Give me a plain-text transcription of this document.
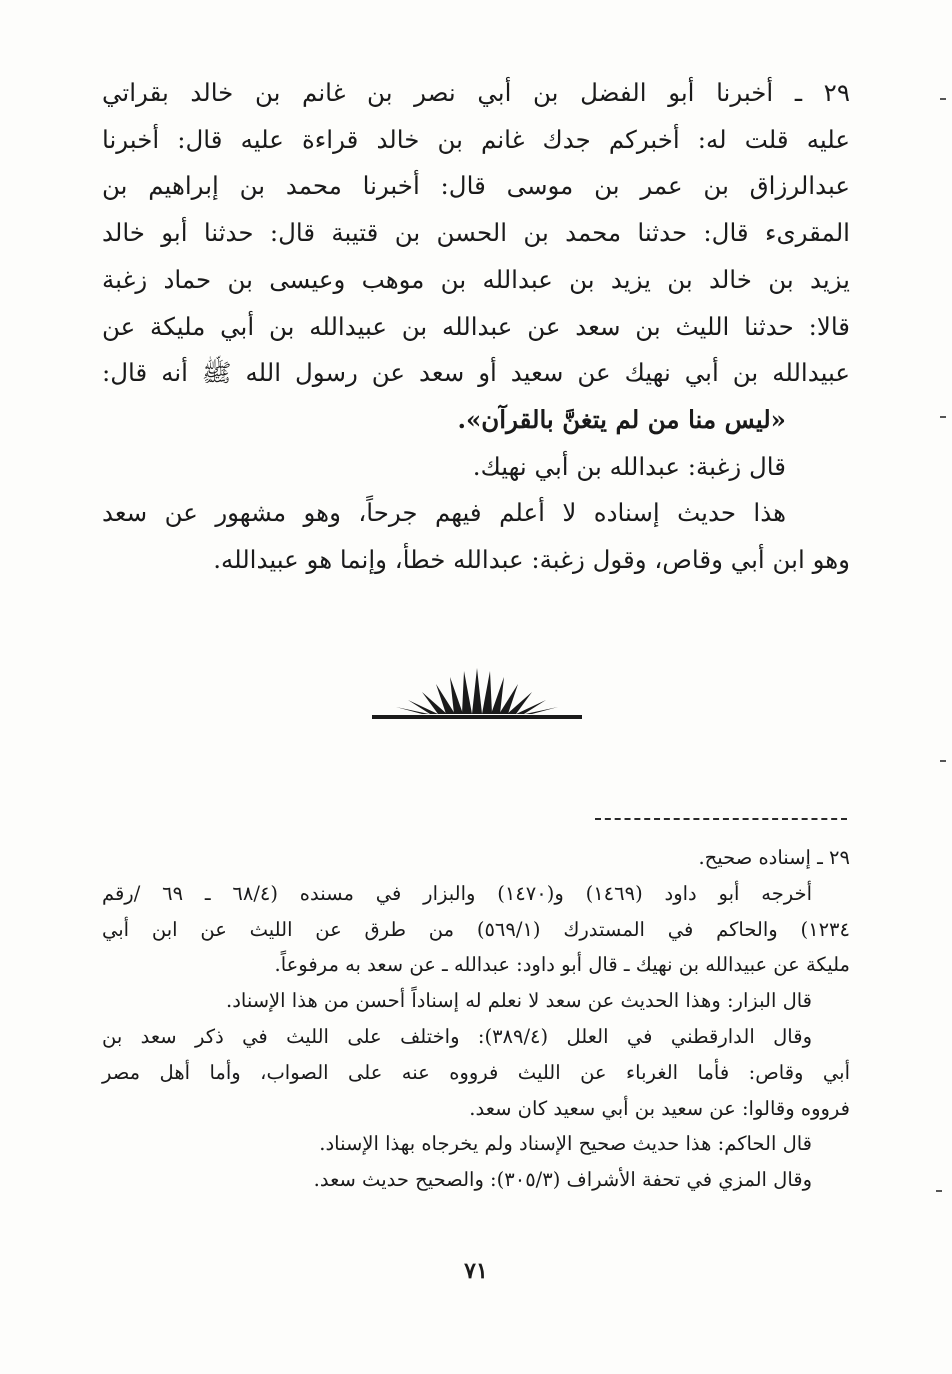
٢٩ ـ أخبرنا أبو الفضل بن أبي نصر بن غانم بن خالد بقراتي
عليه قلت له: أخبركم جدك غانم بن خالد قراءة عليه قال: أخبرنا
عبدالرزاق بن عمر بن موسى قال: أخبرنا محمد بن إبراهيم بن
المقرىء قال: حدثنا محمد بن الحسن بن قتيبة قال: حدثنا أبو خالد
يزيد بن خالد بن يزيد بن عبدالله بن موهب وعيسى بن حماد زغبة
قالا: حدثنا الليث بن سعد عن عبدالله بن عبيدالله بن أبي مليكة عن
عبيدالله بن أبي نهيك عن سعيد أو سعد عن رسول الله ﷺ أنه قال:
«ليس منا من لم يتغنَّ بالقرآن».
قال زغبة: عبدالله بن أبي نهيك.
هذا حديث إسناده لا أعلم فيهم جرحاً، وهو مشهور عن سعد
وهو ابن أبي وقاص، وقول زغبة: عبدالله خطأ، وإنما هو عبيدالله.
٢٩ ـ إسناده صحيح.
أخرجه أبو داود (١٤٦٩) و(١٤٧٠) والبزار في مسنده (٦٨/٤ ـ ٦٩ /رقم
١٢٣٤) والحاكم في المستدرك (٥٦٩/١) من طرق عن الليث عن ابن أبي
مليكة عن عبيدالله بن نهيك ـ قال أبو داود: عبدالله ـ عن سعد به مرفوعاً.
قال البزار: وهذا الحديث عن سعد لا نعلم له إسناداً أحسن من هذا الإسناد.
وقال الدارقطني في العلل (٣٨٩/٤): واختلف على الليث في ذكر سعد بن
أبي وقاص: فأما الغرباء عن الليث فرووه عنه على الصواب، وأما أهل مصر
فرووه وقالوا: عن سعيد بن أبي سعيد كان سعد.
قال الحاكم: هذا حديث صحيح الإسناد ولم يخرجاه بهذا الإسناد.
وقال المزي في تحفة الأشراف (٣٠٥/٣): والصحيح حديث سعد.
٧١
